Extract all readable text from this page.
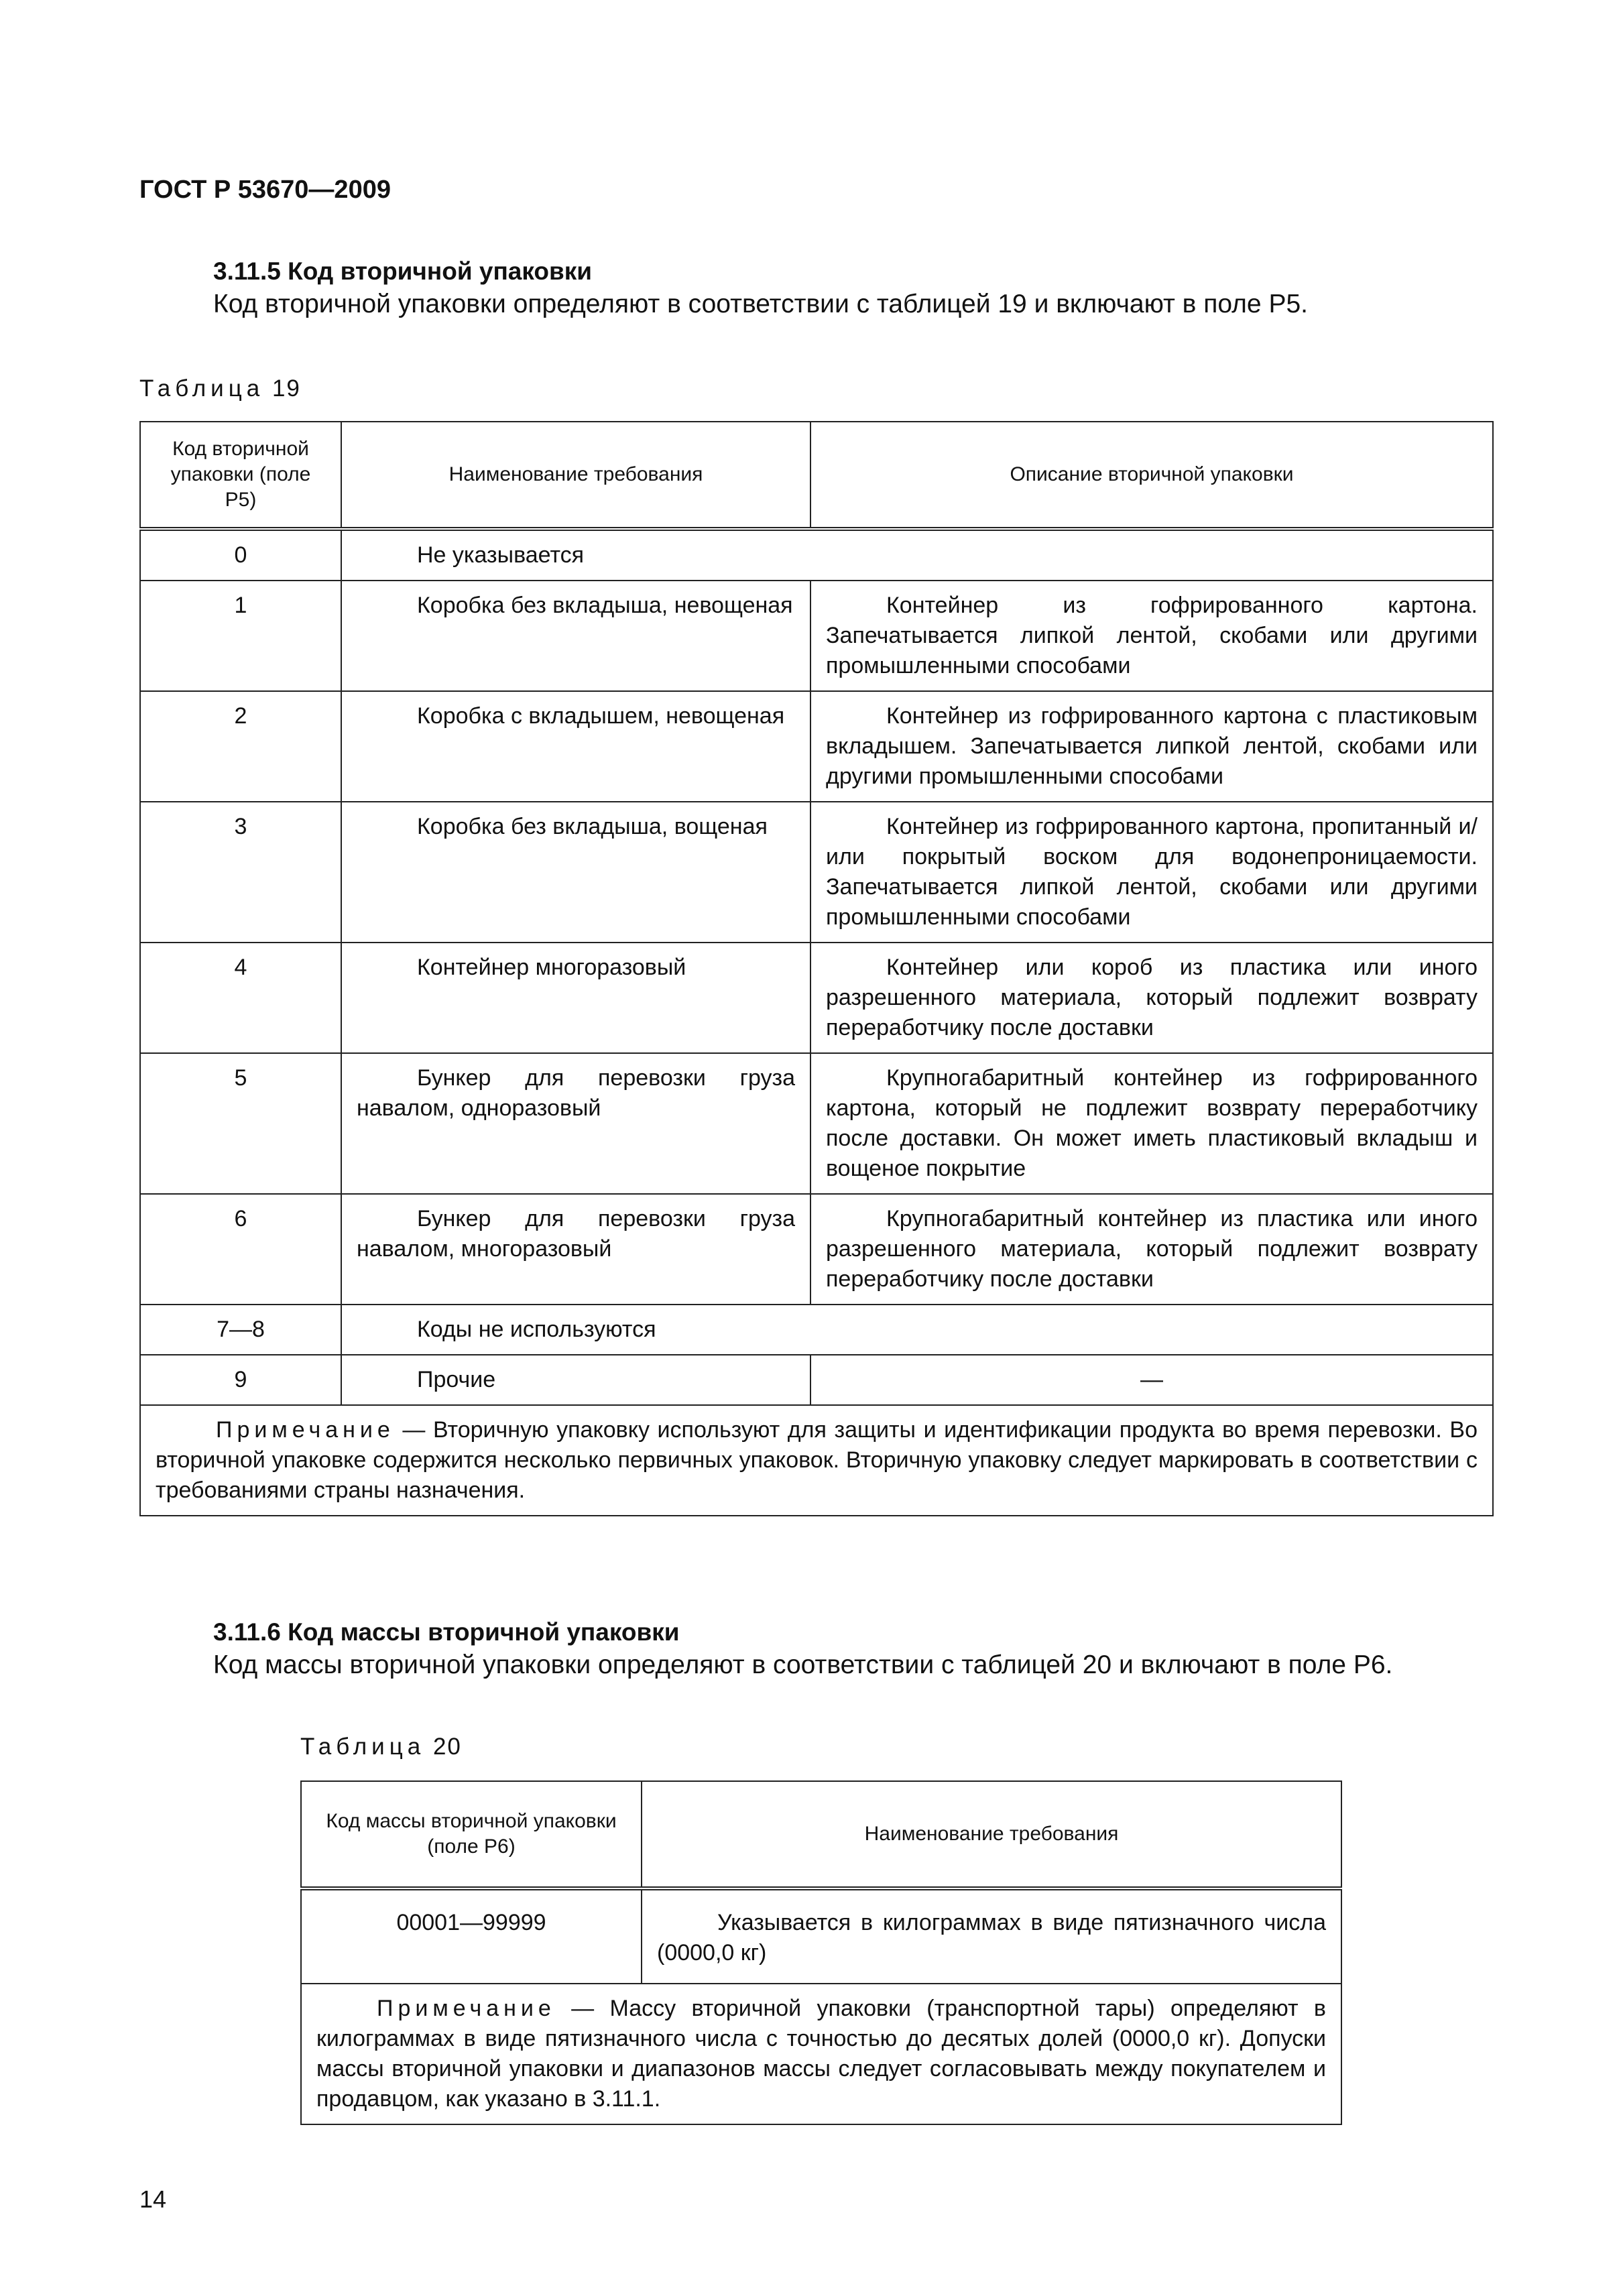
ГОСТ Р 53670—2009
3.11.5 Код вторичной упаковки
Код вторичной упаковки определяют в соответствии с таблицей 19 и включают в поле Р5.
Таблица 19
Код вторичной упаковки (поле Р5)	Наименование требования	Описание вторичной упаковки
0	Не указывается	
1	Коробка без вкладыша, невощеная	Контейнер из гофрированного картона. Запечатывается липкой лентой, скобами или другими промышленными способами
2	Коробка с вкладышем, невощеная	Контейнер из гофрированного картона с пластиковым вкладышем. Запечатывается липкой лентой, скобами или другими промышленными способами
3	Коробка без вкладыша, вощеная	Контейнер из гофрированного картона, пропитанный и/или покрытый воском для водонепроницаемости. Запечатывается липкой лентой, скобами или другими промышленными способами
4	Контейнер многоразовый	Контейнер или короб из пластика или иного разрешенного материала, который подлежит возврату переработчику после доставки
5	Бункер для перевозки груза навалом, одноразовый	Крупногабаритный контейнер из гофрированного картона, который не подлежит возврату переработчику после доставки. Он может иметь пластиковый вкладыш и вощеное покрытие
6	Бункер для перевозки груза навалом, многоразовый	Крупногабаритный контейнер из пластика или иного разрешенного материала, который подлежит возврату переработчику после доставки
7—8	Коды не используются	
9	Прочие	—
Примечание — Вторичную упаковку используют для защиты и идентификации продукта во время перевозки. Во вторичной упаковке содержится несколько первичных упаковок. Вторичную упаковку следует маркировать в соответствии с требованиями страны назначения.		
3.11.6 Код массы вторичной упаковки
Код массы вторичной упаковки определяют в соответствии с таблицей 20 и включают в поле Р6.
Таблица 20
Код массы вторичной упаковки (поле Р6)	Наименование требования
00001—99999	Указывается в килограммах в виде пятизначного числа (0000,0 кг)
Примечание — Массу вторичной упаковки (транспортной тары) определяют в килограммах в виде пятизначного числа с точностью до десятых долей (0000,0 кг). Допуски массы вторичной упаковки и диапазонов массы следует согласовывать между покупателем и продавцом, как указано в 3.11.1.	
14
